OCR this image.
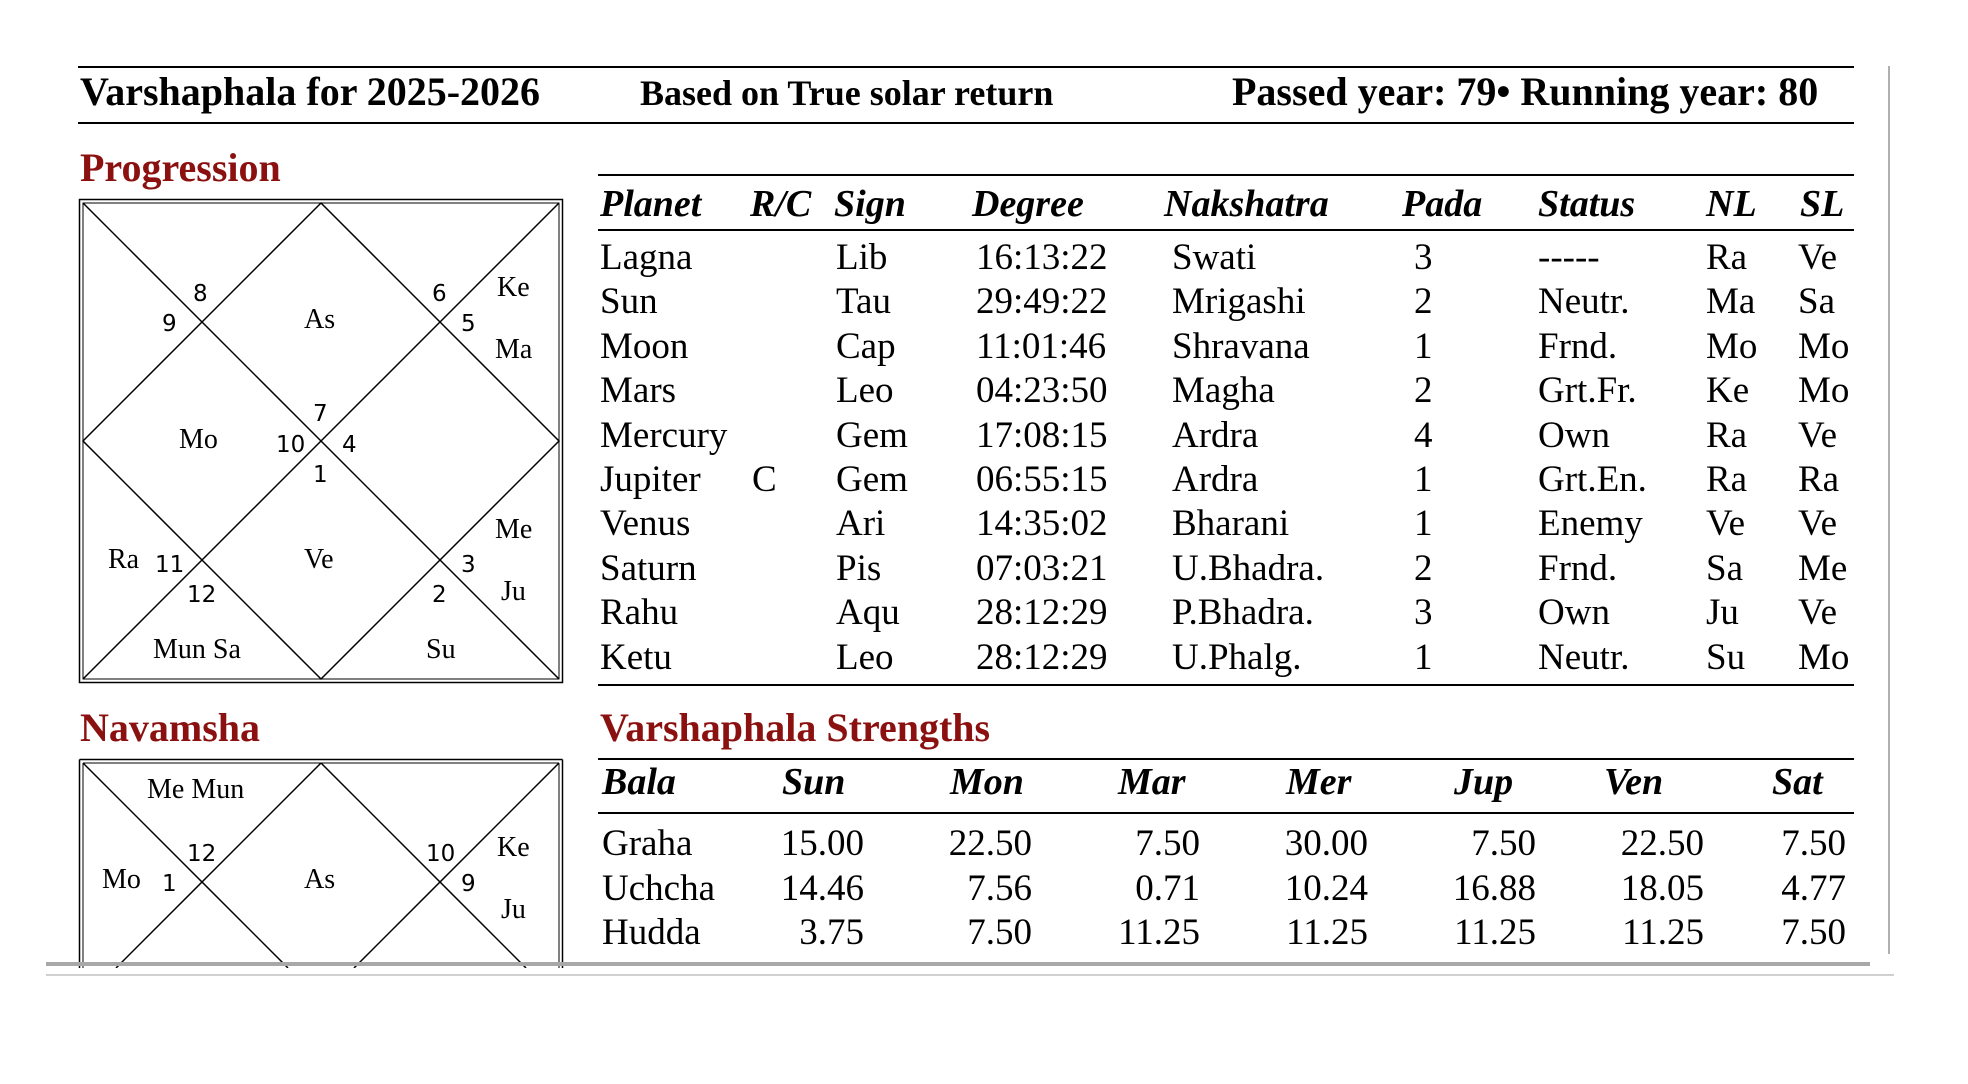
Varshaphala for 2025-2026	Based on True solar return	Passed year: 79• Running year: 80
Progression
8
9
6
5
7
10 4
1
3
11
12	2
As
Ke
Ma
Mo
Me
Ju
Ra	Ve
Mun Sa	Su
Planet R/C Sign Degree Nakshatra Pada Status NL SL
Lagna	Lib 16:13:22 Swati	3	-----	Ra Ve
Sun	Tau 29:49:22 Mrigashi	2	Neutr. Ma Sa
Moon	Cap 11:01:46 Shravana	1	Frnd. Mo Mo
Mars	Leo 04:23:50 Magha	2	Grt.Fr. Ke Mo
Mercury	Gem 17:08:15 Ardra	4	Own	Ra Ve
Jupiter C Gem 06:55:15 Ardra	1	Grt.En. Ra Ra
Venus	Ari 14:35:02 Bharani	1	Enemy Ve Ve
Saturn	Pis	07:03:21 U.Bhadra. 2	Frnd. Sa Me
Rahu	Aqu 28:12:29 P.Bhadra.	3	Own	Ju Ve
Ketu	Leo 28:12:29 U.Phalg.	1	Neutr. Su Mo
Navamsha
12
1
10
9
Me Mun
Mo	As
Ke
Ju
Varshaphala Strengths
Bala	Sun	Mon Mar	Mer	Jup Ven	Sat
Graha 15.00 22.50	7.50 30.00	7.50 22.50 7.50
Uchcha 14.46	7.56	0.71 10.24 16.88 18.05 4.77
Hudda	3.75	7.50 11.25 11.25 11.25 11.25 7.50
